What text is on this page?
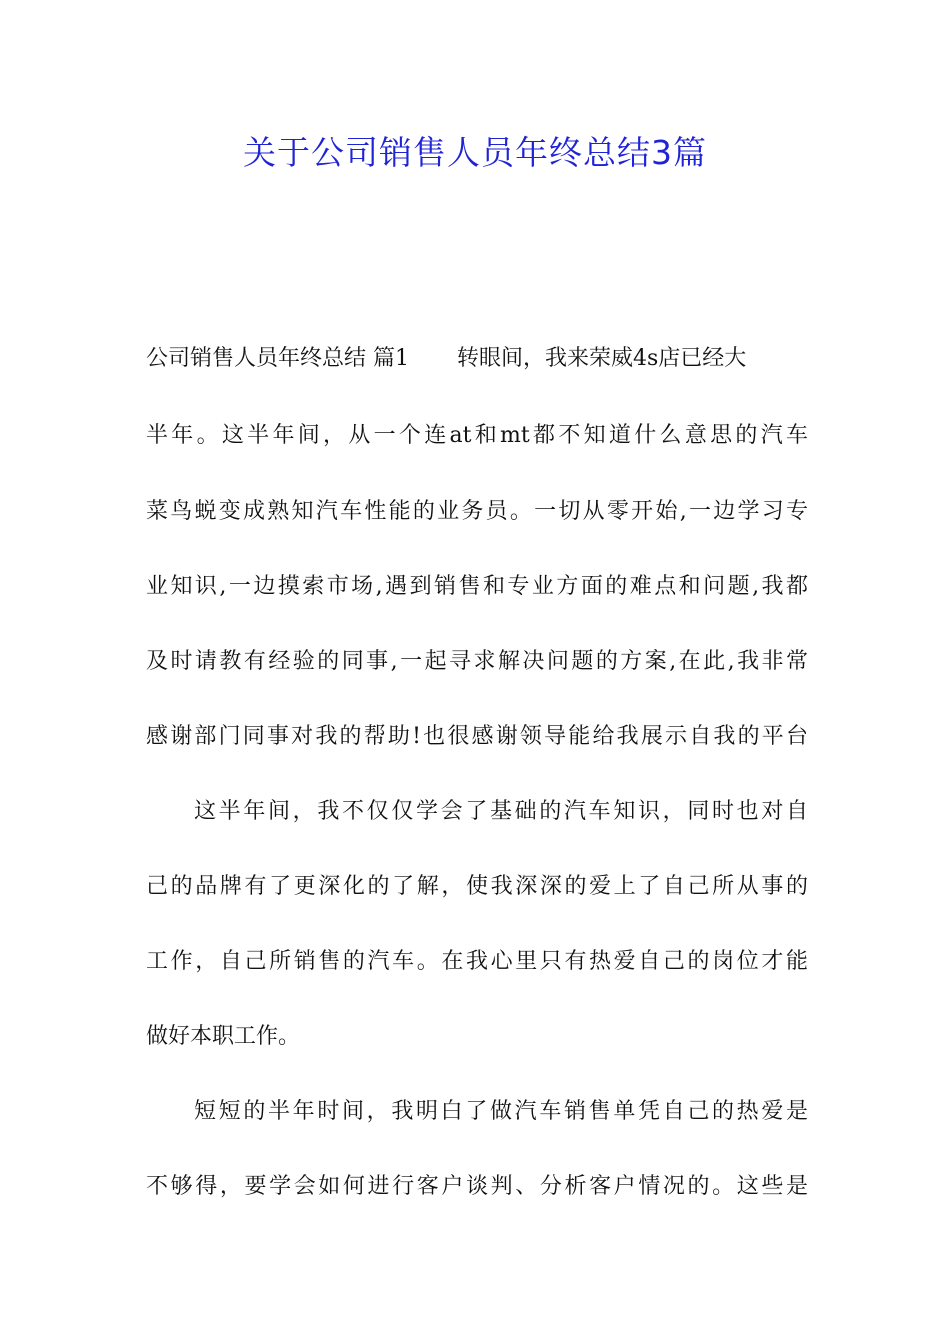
关于公司销售人员年终总结3篇
公司销售人员年终总结 篇1 转眼间，我来荣威4s店已经大
半年。这半年间，从一个连at和mt都不知道什么意思的汽车
菜鸟蜕变成熟知汽车性能的业务员。一切从零开始,一边学习专
业知识,一边摸索市场,遇到销售和专业方面的难点和问题,我都
及时请教有经验的同事,一起寻求解决问题的方案,在此,我非常
感谢部门同事对我的帮助!也很感谢领导能给我展示自我的平台
这半年间，我不仅仅学会了基础的汽车知识，同时也对自
己的品牌有了更深化的了解，使我深深的爱上了自己所从事的
工作，自己所销售的汽车。在我心里只有热爱自己的岗位才能
做好本职工作。
短短的半年时间，我明白了做汽车销售单凭自己的热爱是
不够得，要学会如何进行客户谈判、分析客户情况的。这些是
